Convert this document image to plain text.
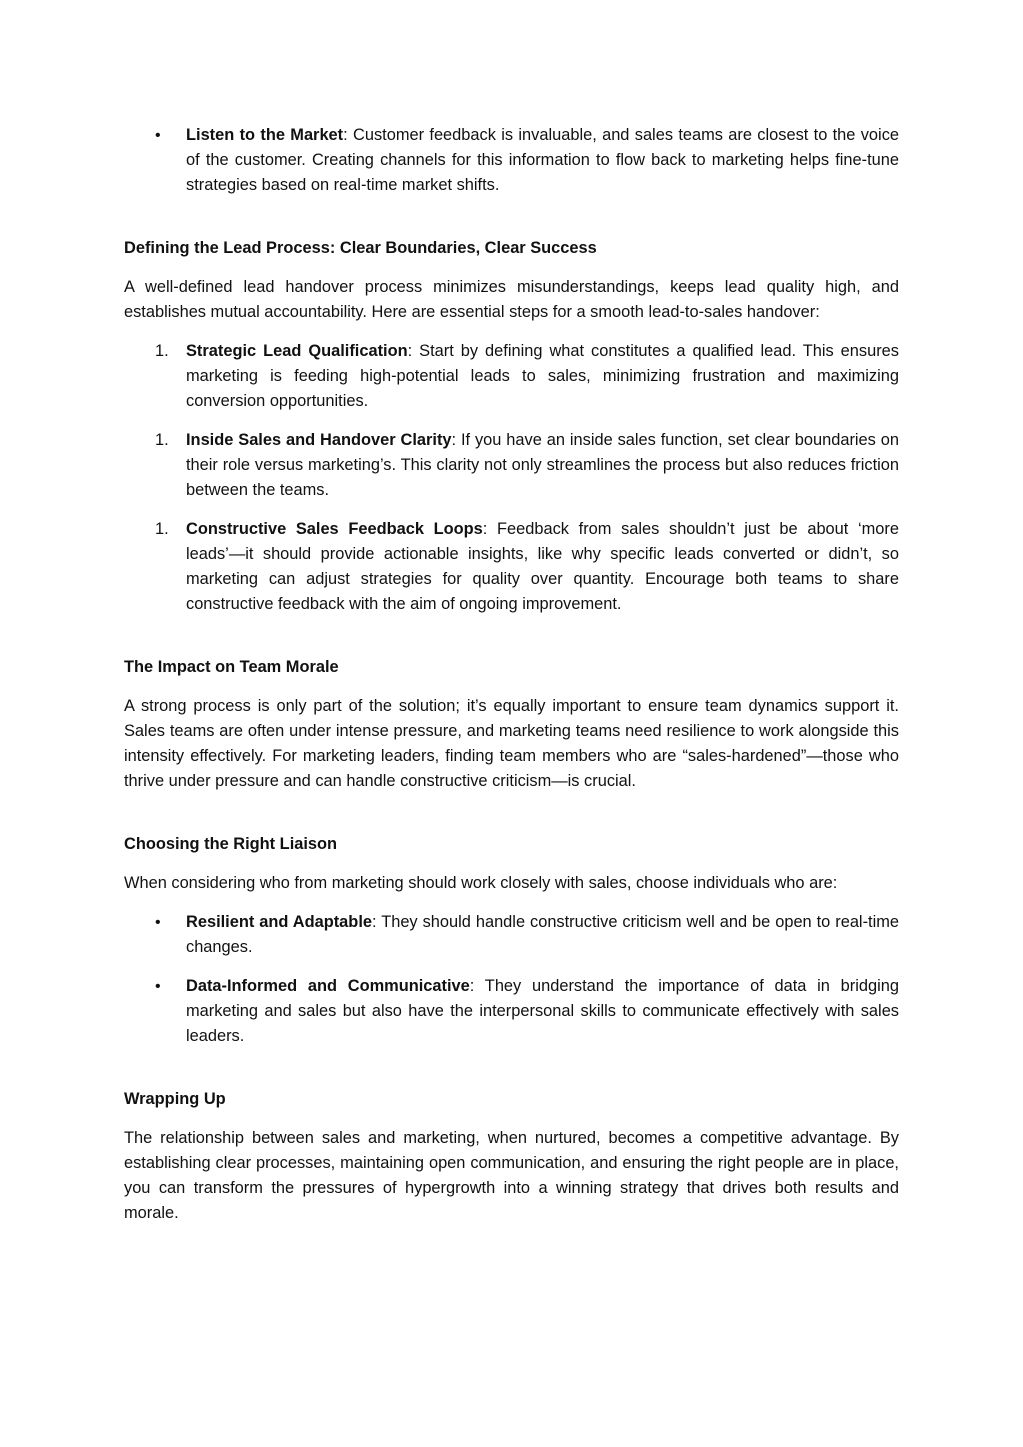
• Listen to the Market: Customer feedback is invaluable, and sales teams are closest to the voice of the customer. Creating channels for this information to flow back to marketing helps fine-tune strategies based on real-time market shifts.
Defining the Lead Process: Clear Boundaries, Clear Success

A well-defined lead handover process minimizes misunderstandings, keeps lead quality high, and establishes mutual accountability. Here are essential steps for a smooth lead-to-sales handover:

1. Strategic Lead Qualification: Start by defining what constitutes a qualified lead. This ensures marketing is feeding high-potential leads to sales, minimizing frustration and maximizing conversion opportunities.
1. Inside Sales and Handover Clarity: If you have an inside sales function, set clear boundaries on their role versus marketing’s. This clarity not only streamlines the process but also reduces friction between the teams.
1. Constructive Sales Feedback Loops: Feedback from sales shouldn’t just be about ‘more leads’—it should provide actionable insights, like why specific leads converted or didn’t, so marketing can adjust strategies for quality over quantity. Encourage both teams to share constructive feedback with the aim of ongoing improvement.
The Impact on Team Morale

A strong process is only part of the solution; it’s equally important to ensure team dynamics support it. Sales teams are often under intense pressure, and marketing teams need resilience to work alongside this intensity effectively. For marketing leaders, finding team members who are “sales-hardened”—those who thrive under pressure and can handle constructive criticism—is crucial.

Choosing the Right Liaison

When considering who from marketing should work closely with sales, choose individuals who are:

• Resilient and Adaptable: They should handle constructive criticism well and be open to real-time changes.
• Data-Informed and Communicative: They understand the importance of data in bridging marketing and sales but also have the interpersonal skills to communicate effectively with sales leaders.
Wrapping Up

The relationship between sales and marketing, when nurtured, becomes a competitive advantage. By establishing clear processes, maintaining open communication, and ensuring the right people are in place, you can transform the pressures of hypergrowth into a winning strategy that drives both results and morale.
